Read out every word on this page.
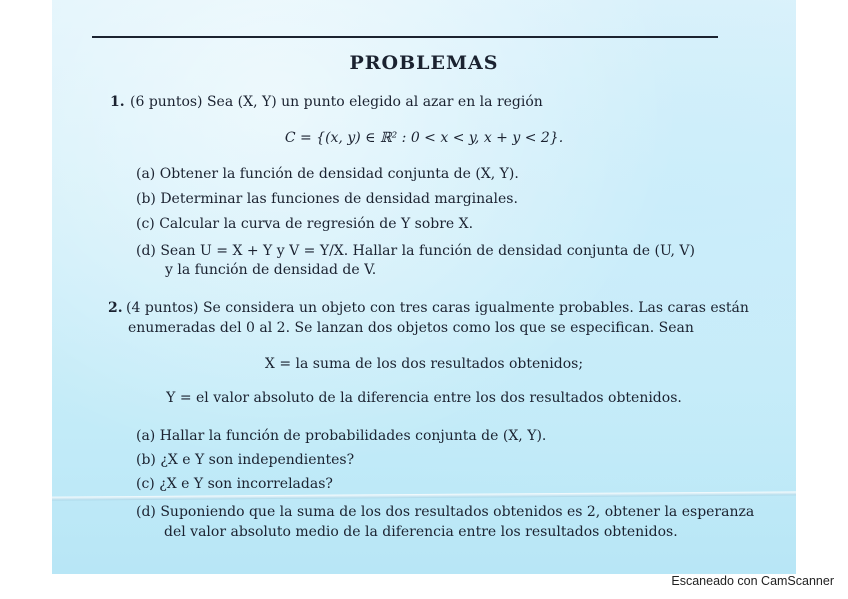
PROBLEMAS
1. (6 puntos) Sea (X, Y) un punto elegido al azar en la región
C = {(x, y) ∈ ℝ² : 0 < x < y, x + y < 2}.
(a) Obtener la función de densidad conjunta de (X, Y).
(b) Determinar las funciones de densidad marginales.
(c) Calcular la curva de regresión de Y sobre X.
(d) Sean U = X + Y y V = Y/X. Hallar la función de densidad conjunta de (U, V)
y la función de densidad de V.
2. (4 puntos) Se considera un objeto con tres caras igualmente probables. Las caras están
enumeradas del 0 al 2. Se lanzan dos objetos como los que se especifican. Sean
X = la suma de los dos resultados obtenidos;
Y = el valor absoluto de la diferencia entre los dos resultados obtenidos.
(a) Hallar la función de probabilidades conjunta de (X, Y).
(b) ¿X e Y son independientes?
(c) ¿X e Y son incorreladas?
(d) Suponiendo que la suma de los dos resultados obtenidos es 2, obtener la esperanza
del valor absoluto medio de la diferencia entre los resultados obtenidos.
Escaneado con CamScanner
